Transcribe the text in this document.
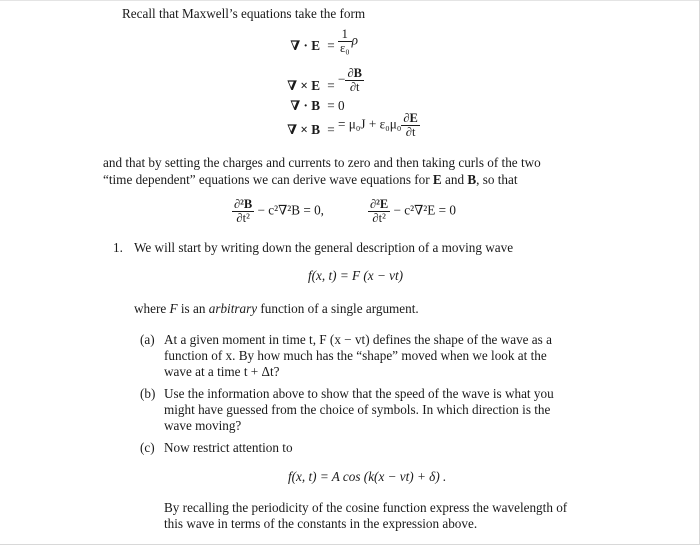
Recall that Maxwell’s equations take the form
∇ · $E = \frac{1}{\text{ε₀}}$ ρ
∇ × E = − $\frac{\partial B}{\partial t}$
∇ · B = 0
∇ × B = = $\mu_0J + \varepsilon_0\mu_0 \frac{\partial E}{\partial t}$
and that by setting the charges and currents to zero and then taking curls of the two
“time dependent” equations we can derive wave equations for E and B, so that
$\frac{\text{∂²B}}{\text{∂t²}} - c^2\nabla^2B = 0$,	$\frac{\text{∂²E}}{\text{∂t²}} - c^2\nabla^2E = 0$
1. We will start by writing down the general description of a moving wave
f(x, t) = F (x − vt)
where F is an arbitrary function of a single argument.
(a) At a given moment in time t, F (x − vt) defines the shape of the wave as a
function of x. By how much has the “shape” moved when we look at the
wave at a time t + Δt?
(b) Use the information above to show that the speed of the wave is what you
might have guessed from the choice of symbols. In which direction is the
wave moving?
(c) Now restrict attention to
f(x, t) = A cos (k(x − vt) + δ) .
By recalling the periodicity of the cosine function express the wavelength of
this wave in terms of the constants in the expression above.
